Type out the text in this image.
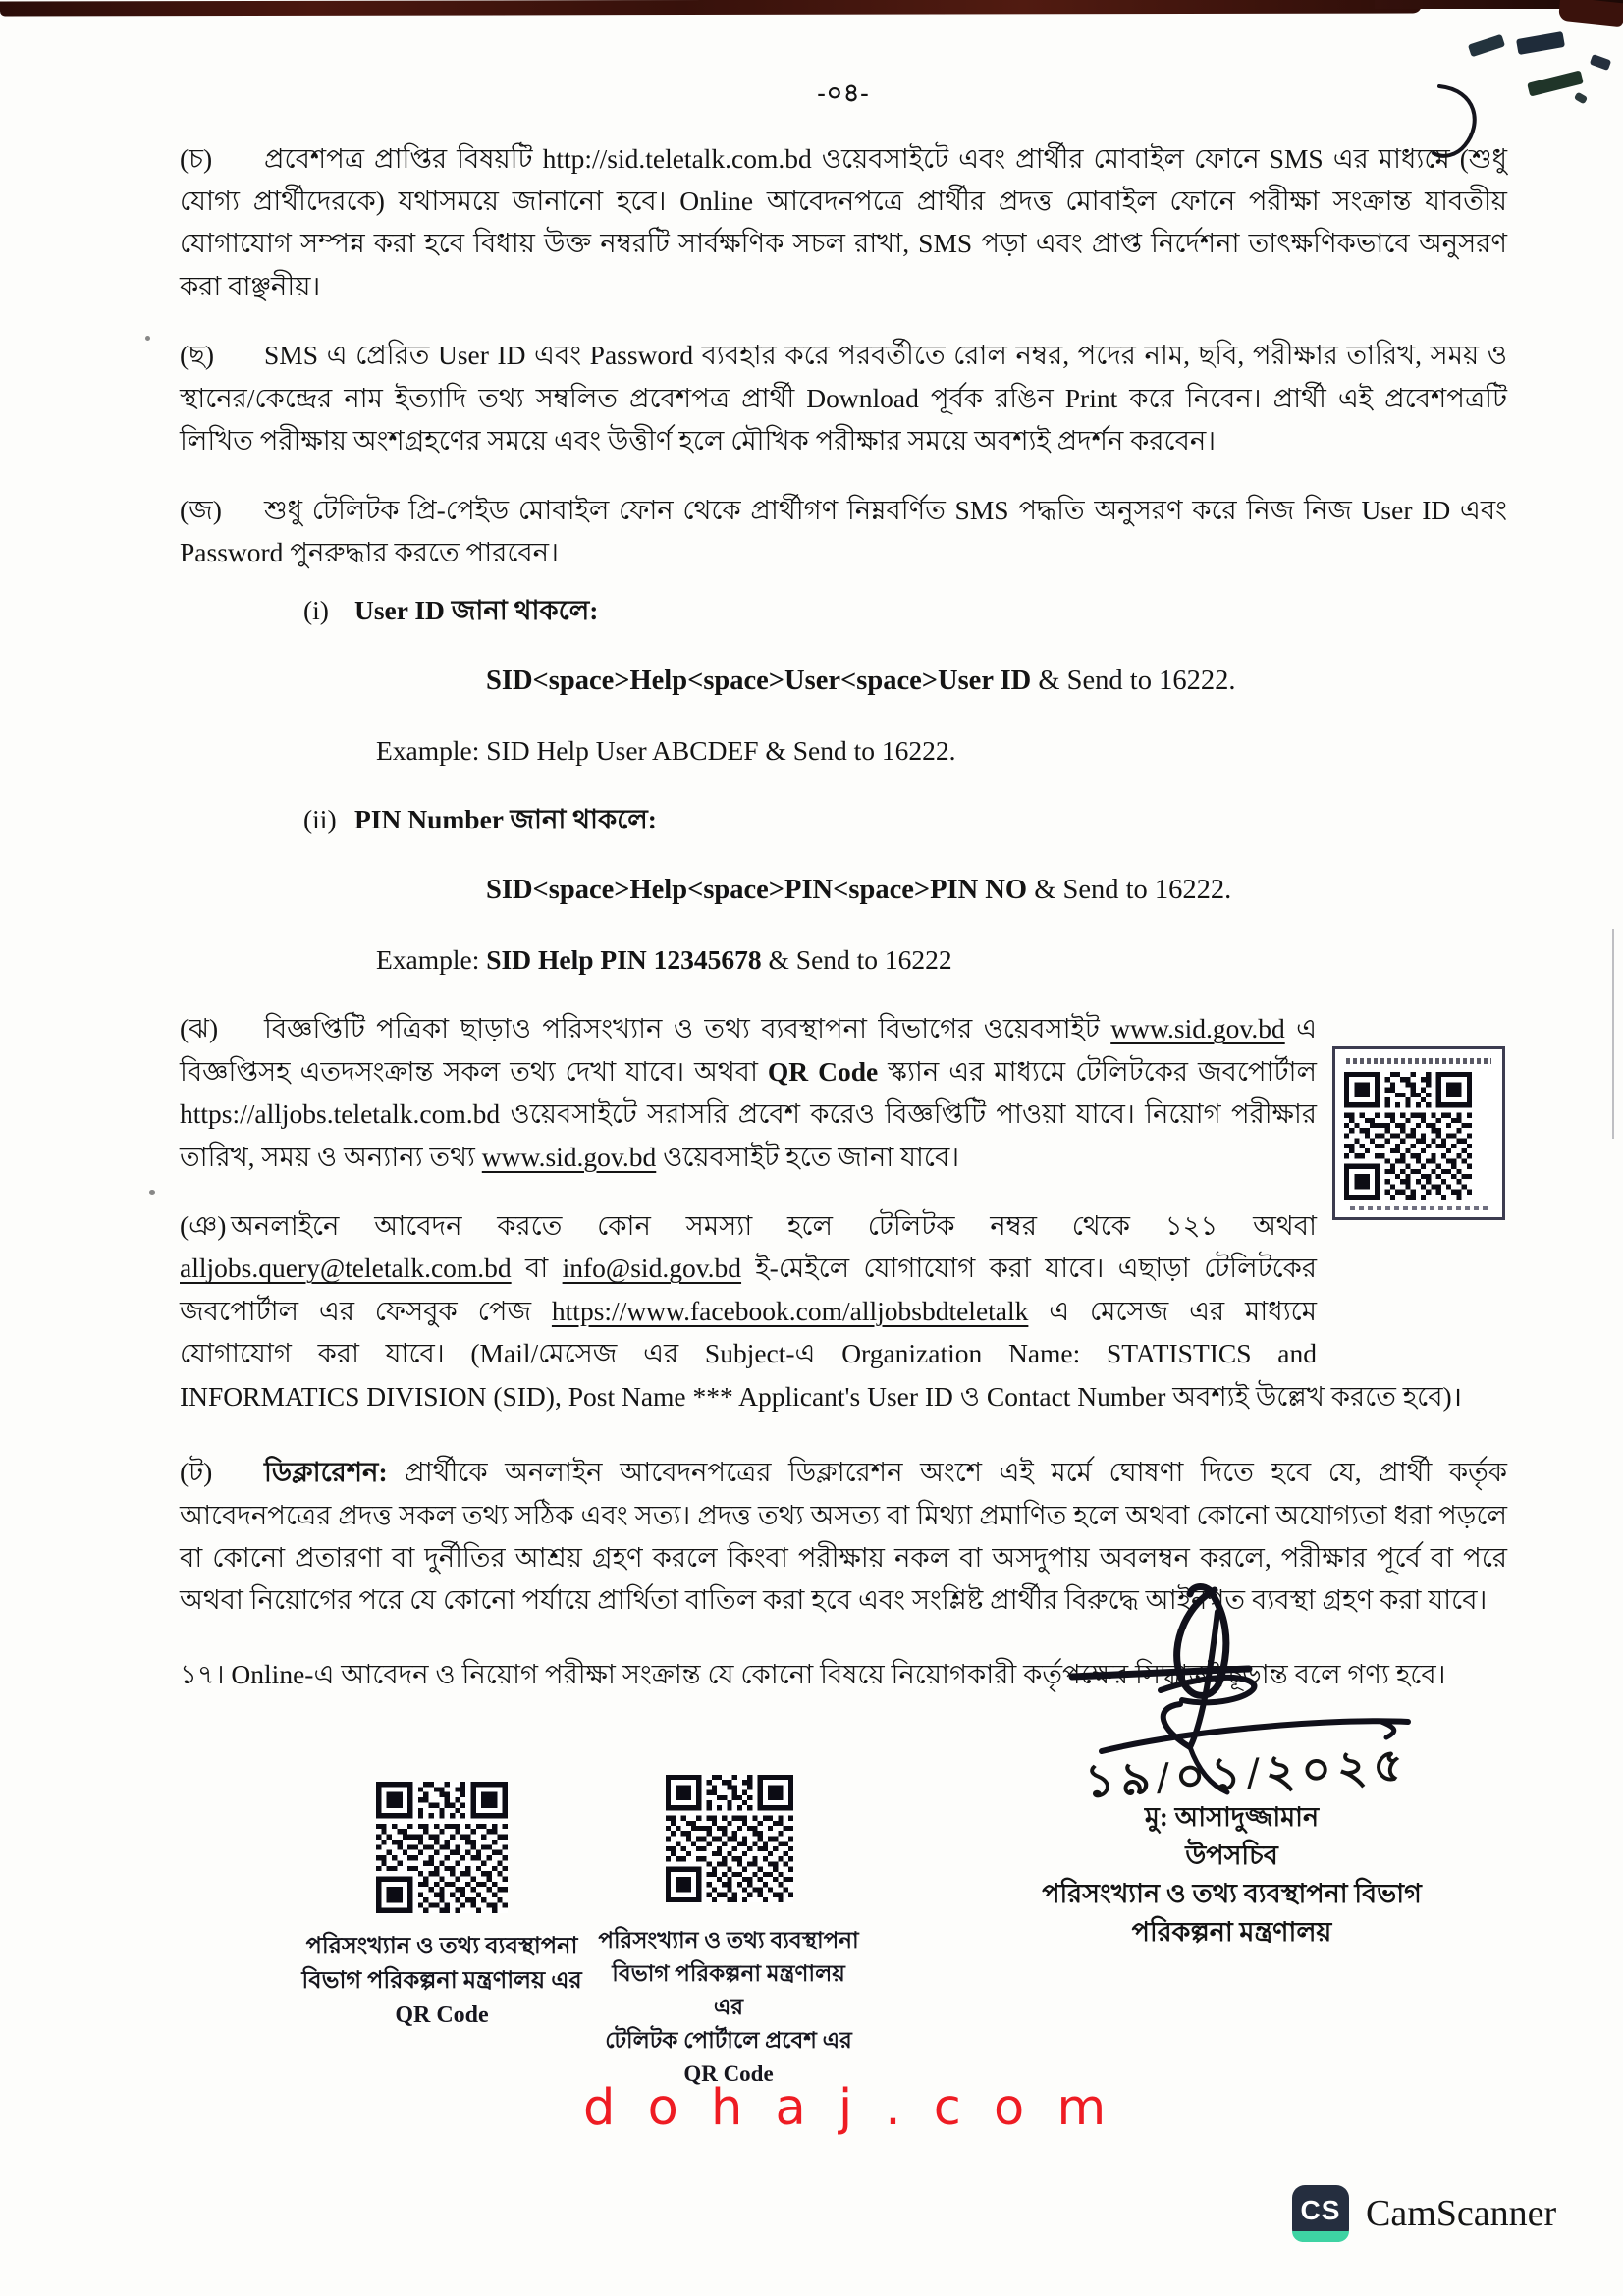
-০৪-

(চ) প্রবেশপত্র প্রাপ্তির বিষয়টি http://sid.teletalk.com.bd ওয়েবসাইটে এবং প্রার্থীর মোবাইল ফোনে SMS এর মাধ্যমে (শুধু যোগ্য প্রার্থীদেরকে) যথাসময়ে জানানো হবে। Online আবেদনপত্রে প্রার্থীর প্রদত্ত মোবাইল ফোনে পরীক্ষা সংক্রান্ত যাবতীয় যোগাযোগ সম্পন্ন করা হবে বিধায় উক্ত নম্বরটি সার্বক্ষণিক সচল রাখা, SMS পড়া এবং প্রাপ্ত নির্দেশনা তাৎক্ষণিকভাবে অনুসরণ করা বাঞ্ছনীয়।

(ছ) SMS এ প্রেরিত User ID এবং Password ব্যবহার করে পরবর্তীতে রোল নম্বর, পদের নাম, ছবি, পরীক্ষার তারিখ, সময় ও স্থানের/কেন্দ্রের নাম ইত্যাদি তথ্য সম্বলিত প্রবেশপত্র প্রার্থী Download পূর্বক রঙিন Print করে নিবেন। প্রার্থী এই প্রবেশপত্রটি লিখিত পরীক্ষায় অংশগ্রহণের সময়ে এবং উত্তীর্ণ হলে মৌখিক পরীক্ষার সময়ে অবশ্যই প্রদর্শন করবেন।

(জ) শুধু টেলিটক প্রি-পেইড মোবাইল ফোন থেকে প্রার্থীগণ নিম্নবর্ণিত SMS পদ্ধতি অনুসরণ করে নিজ নিজ User ID এবং Password পুনরুদ্ধার করতে পারবেন।

(i) User ID জানা থাকলে:

SID<space>Help<space>User<space>User ID & Send to 16222.

Example: SID Help User ABCDEF & Send to 16222.

(ii) PIN Number জানা থাকলে:

SID<space>Help<space>PIN<space>PIN NO & Send to 16222.

Example: SID Help PIN 12345678 & Send to 16222

(ঝ) বিজ্ঞপ্তিটি পত্রিকা ছাড়াও পরিসংখ্যান ও তথ্য ব্যবস্থাপনা বিভাগের ওয়েবসাইট www.sid.gov.bd এ বিজ্ঞপ্তিসহ এতদসংক্রান্ত সকল তথ্য দেখা যাবে। অথবা QR Code স্ক্যান এর মাধ্যমে টেলিটকের জবপোর্টাল https://alljobs.teletalk.com.bd ওয়েবসাইটে সরাসরি প্রবেশ করেও বিজ্ঞপ্তিটি পাওয়া যাবে। নিয়োগ পরীক্ষার তারিখ, সময় ও অন্যান্য তথ্য www.sid.gov.bd ওয়েবসাইট হতে জানা যাবে।

(ঞ) অনলাইনে আবেদন করতে কোন সমস্যা হলে টেলিটক নম্বর থেকে ১২১ অথবা alljobs.query@teletalk.com.bd বা info@sid.gov.bd ই-মেইলে যোগাযোগ করা যাবে। এছাড়া টেলিটকের জবপোর্টাল এর ফেসবুক পেজ https://www.facebook.com/alljobsbdteletalk এ মেসেজ এর মাধ্যমে যোগাযোগ করা যাবে। (Mail/মেসেজ এর Subject-এ Organization Name: STATISTICS and INFORMATICS DIVISION (SID), Post Name *** Applicant's User ID ও Contact Number অবশ্যই উল্লেখ করতে হবে)।

(ট) ডিক্লারেশন: প্রার্থীকে অনলাইন আবেদনপত্রের ডিক্লারেশন অংশে এই মর্মে ঘোষণা দিতে হবে যে, প্রার্থী কর্তৃক আবেদনপত্রের প্রদত্ত সকল তথ্য সঠিক এবং সত্য। প্রদত্ত তথ্য অসত্য বা মিথ্যা প্রমাণিত হলে অথবা কোনো অযোগ্যতা ধরা পড়লে বা কোনো প্রতারণা বা দুর্নীতির আশ্রয় গ্রহণ করলে কিংবা পরীক্ষায় নকল বা অসদুপায় অবলম্বন করলে, পরীক্ষার পূর্বে বা পরে অথবা নিয়োগের পরে যে কোনো পর্যায়ে প্রার্থিতা বাতিল করা হবে এবং সংশ্লিষ্ট প্রার্থীর বিরুদ্ধে আইনগত ব্যবস্থা গ্রহণ করা যাবে।

১৭। Online-এ আবেদন ও নিয়োগ পরীক্ষা সংক্রান্ত যে কোনো বিষয়ে নিয়োগকারী কর্তৃপক্ষের সিদ্ধান্তই চূড়ান্ত বলে গণ্য হবে।

১৯/০১/২০২৫
মু: আসাদুজ্জামান
উপসচিব
পরিসংখ্যান ও তথ্য ব্যবস্থাপনা বিভাগ
পরিকল্পনা মন্ত্রণালয়
পরিসংখ্যান ও তথ্য ব্যবস্থাপনা
বিভাগ পরিকল্পনা মন্ত্রণালয় এর
QR Code
পরিসংখ্যান ও তথ্য ব্যবস্থাপনা
বিভাগ পরিকল্পনা মন্ত্রণালয় এর
টেলিটক পোর্টালে প্রবেশ এর
QR Code
d o h a j . c o m
CS CamScanner
